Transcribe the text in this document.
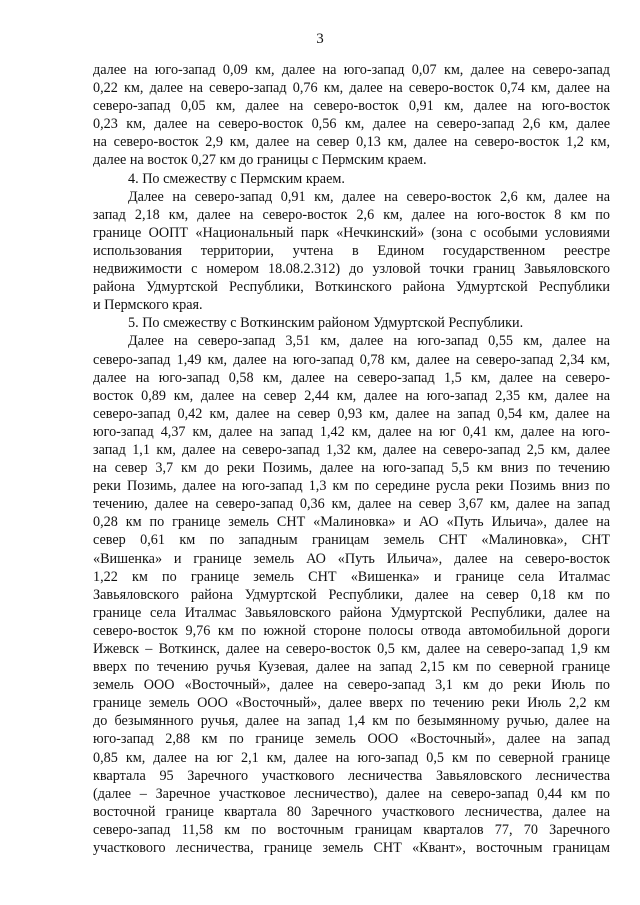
3
далее на юго-запад 0,09 км, далее на юго-запад 0,07 км, далее на северо-запад
0,22 км, далее на северо-запад 0,76 км, далее на северо-восток 0,74 км, далее на
северо-запад 0,05 км, далее на северо-восток 0,91 км, далее на юго-восток
0,23 км, далее на северо-восток 0,56 км, далее на северо-запад 2,6 км, далее
на северо-восток 2,9 км, далее на север 0,13 км, далее на северо-восток 1,2 км,
далее на восток 0,27 км до границы с Пермским краем.
4. По смежеству с Пермским краем.
Далее на северо-запад 0,91 км, далее на северо-восток 2,6 км, далее на
запад 2,18 км, далее на северо-восток 2,6 км, далее на юго-восток 8 км по
границе ООПТ «Национальный парк «Нечкинский» (зона с особыми условиями
использования территории, учтена в Едином государственном реестре
недвижимости с номером 18.08.2.312) до узловой точки границ Завьяловского
района Удмуртской Республики, Воткинского района Удмуртской Республики
и Пермского края.
5. По смежеству с Воткинским районом Удмуртской Республики.
Далее на северо-запад 3,51 км, далее на юго-запад 0,55 км, далее на
северо-запад 1,49 км, далее на юго-запад 0,78 км, далее на северо-запад 2,34 км,
далее на юго-запад 0,58 км, далее на северо-запад 1,5 км, далее на северо-
восток 0,89 км, далее на север 2,44 км, далее на юго-запад 2,35 км, далее на
северо-запад 0,42 км, далее на север 0,93 км, далее на запад 0,54 км, далее на
юго-запад 4,37 км, далее на запад 1,42 км, далее на юг 0,41 км, далее на юго-
запад 1,1 км, далее на северо-запад 1,32 км, далее на северо-запад 2,5 км, далее
на север 3,7 км до реки Позимь, далее на юго-запад 5,5 км вниз по течению
реки Позимь, далее на юго-запад 1,3 км по середине русла реки Позимь вниз по
течению, далее на северо-запад 0,36 км, далее на север 3,67 км, далее на запад
0,28 км по границе земель СНТ «Малиновка» и АО «Путь Ильича», далее на
север 0,61 км по западным границам земель СНТ «Малиновка», СНТ
«Вишенка» и границе земель АО «Путь Ильича», далее на северо-восток
1,22 км по границе земель СНТ «Вишенка» и границе села Италмас
Завьяловского района Удмуртской Республики, далее на север 0,18 км по
границе села Италмас Завьяловского района Удмуртской Республики, далее на
северо-восток 9,76 км по южной стороне полосы отвода автомобильной дороги
Ижевск – Воткинск, далее на северо-восток 0,5 км, далее на северо-запад 1,9 км
вверх по течению ручья Кузевая, далее на запад 2,15 км по северной границе
земель ООО «Восточный», далее на северо-запад 3,1 км до реки Июль по
границе земель ООО «Восточный», далее вверх по течению реки Июль 2,2 км
до безымянного ручья, далее на запад 1,4 км по безымянному ручью, далее на
юго-запад 2,88 км по границе земель ООО «Восточный», далее на запад
0,85 км, далее на юг 2,1 км, далее на юго-запад 0,5 км по северной границе
квартала 95 Заречного участкового лесничества Завьяловского лесничества
(далее – Заречное участковое лесничество), далее на северо-запад 0,44 км по
восточной границе квартала 80 Заречного участкового лесничества, далее на
северо-запад 11,58 км по восточным границам кварталов 77, 70 Заречного
участкового лесничества, границе земель СНТ «Квант», восточным границам
